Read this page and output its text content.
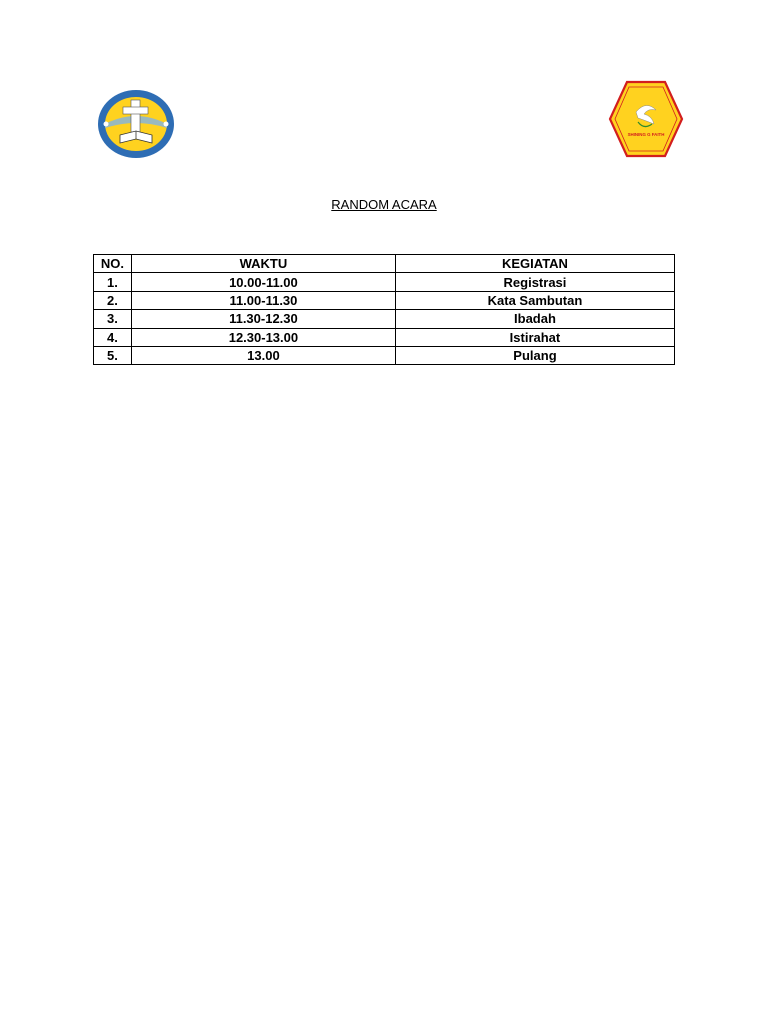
SHINING G FAITH
RANDOM ACARA
NO.	WAKTU	KEGIATAN
1.	10.00-11.00	Registrasi
2.	11.00-11.30	Kata Sambutan
3.	11.30-12.30	Ibadah
4.	12.30-13.00	Istirahat
5.	13.00	Pulang
